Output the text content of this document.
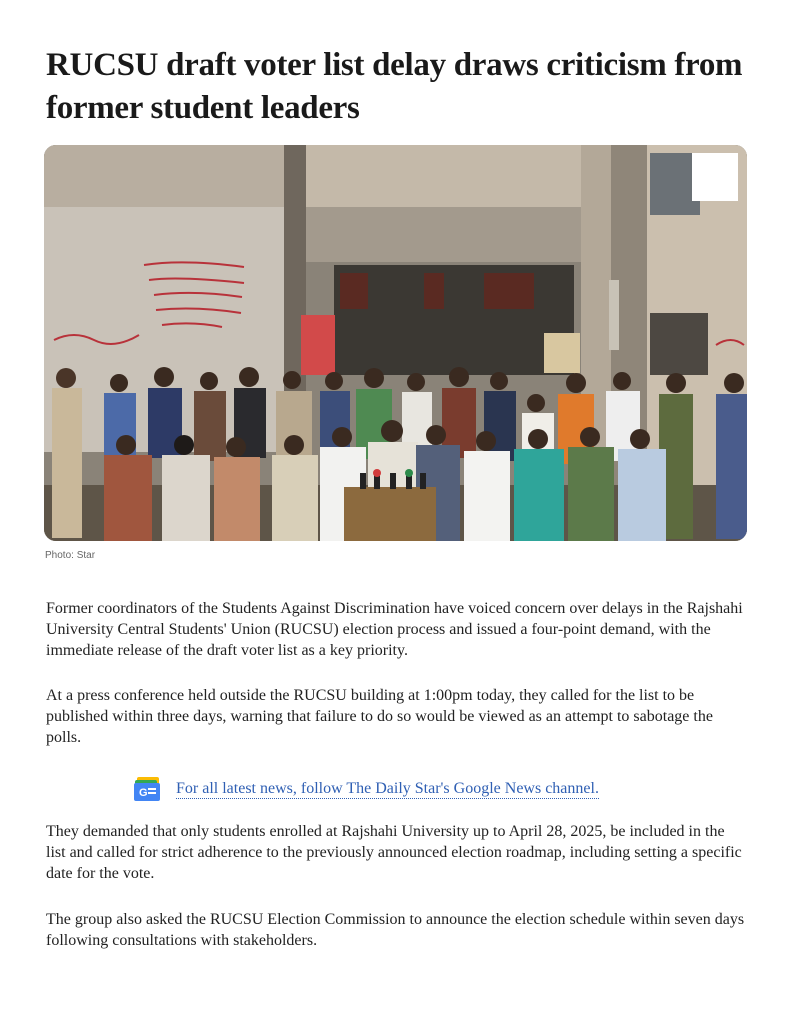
RUCSU draft voter list delay draws criticism from former student leaders
Photo: Star

Former coordinators of the Students Against Discrimination have voiced concern over delays in the Rajshahi University Central Students' Union (RUCSU) election process and issued a four-point demand, with the immediate release of the draft voter list as a key priority.

At a press conference held outside the RUCSU building at 1:00pm today, they called for the list to be published within three days, warning that failure to do so would be viewed as an attempt to sabotage the polls.

G For all latest news, follow The Daily Star's Google News channel.

They demanded that only students enrolled at Rajshahi University up to April 28, 2025, be included in the list and called for strict adherence to the previously announced election roadmap, including setting a specific date for the vote.

The group also asked the RUCSU Election Commission to announce the election schedule within seven days following consultations with stakeholders.
